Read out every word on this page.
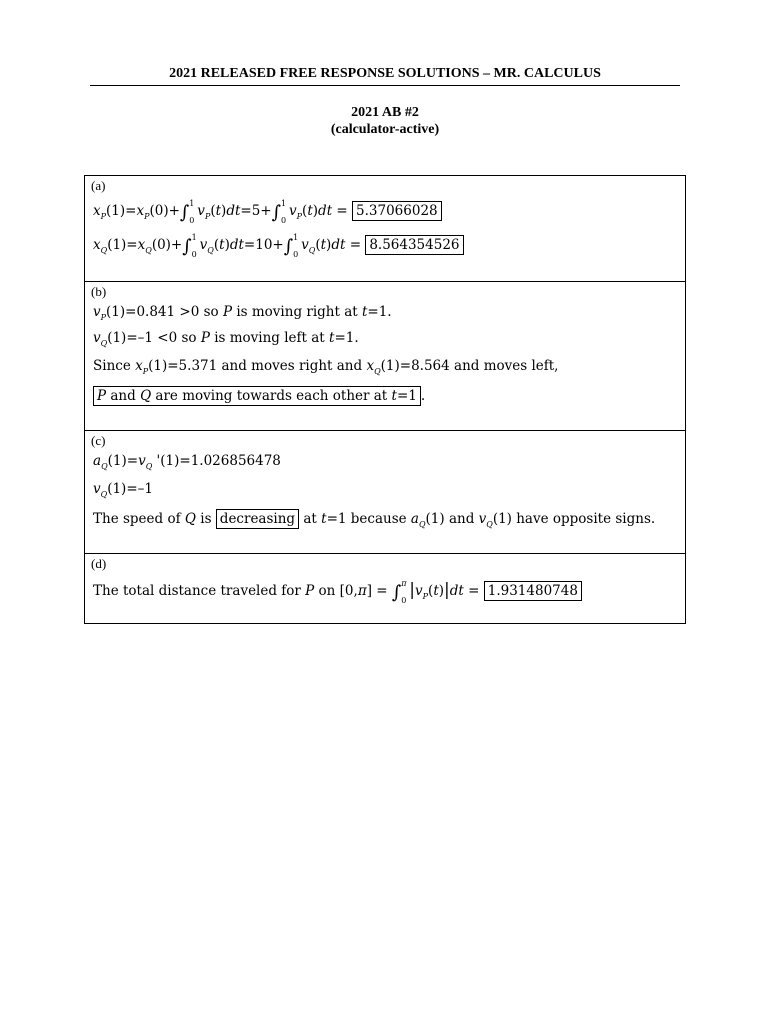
2021 RELEASED FREE RESPONSE SOLUTIONS – MR. CALCULUS
2021 AB #2
(calculator-active)
(a)
$x_P(1)=x_P(0)+\int$ 1
0
$v_P(t)dt=5+\int$ 1
0
$v_P(t)dt = 5.37066028$
$x_Q(1)=x_Q(0)+\int$ 1
0
$v_Q(t)dt=10+\int$ 1
0
$v_Q(t)dt = 8.564354526$
(b)
$v_P(1)=0.841 >0$ so P is moving right at t=1.
$v_Q(1)=-1 <0$ so P is moving left at t=1.
Since $x_P(1)=5.371$ and moves right and $x_Q(1)=8.564$ and moves left,
P and Q are moving towards each other at t=1 .
(c)
$a_Q(1)=v_Q$ '(1)=1.026856478
$v_Q(1)=-1$
The speed of Q is decreasing at t=1 because $a_Q(1)$ and $v_Q(1)$ have opposite signs.
(d)
The total distance traveled for P on [0,π] = ∫ π
0 $|v_P(t)|dt = 1.931480748$
